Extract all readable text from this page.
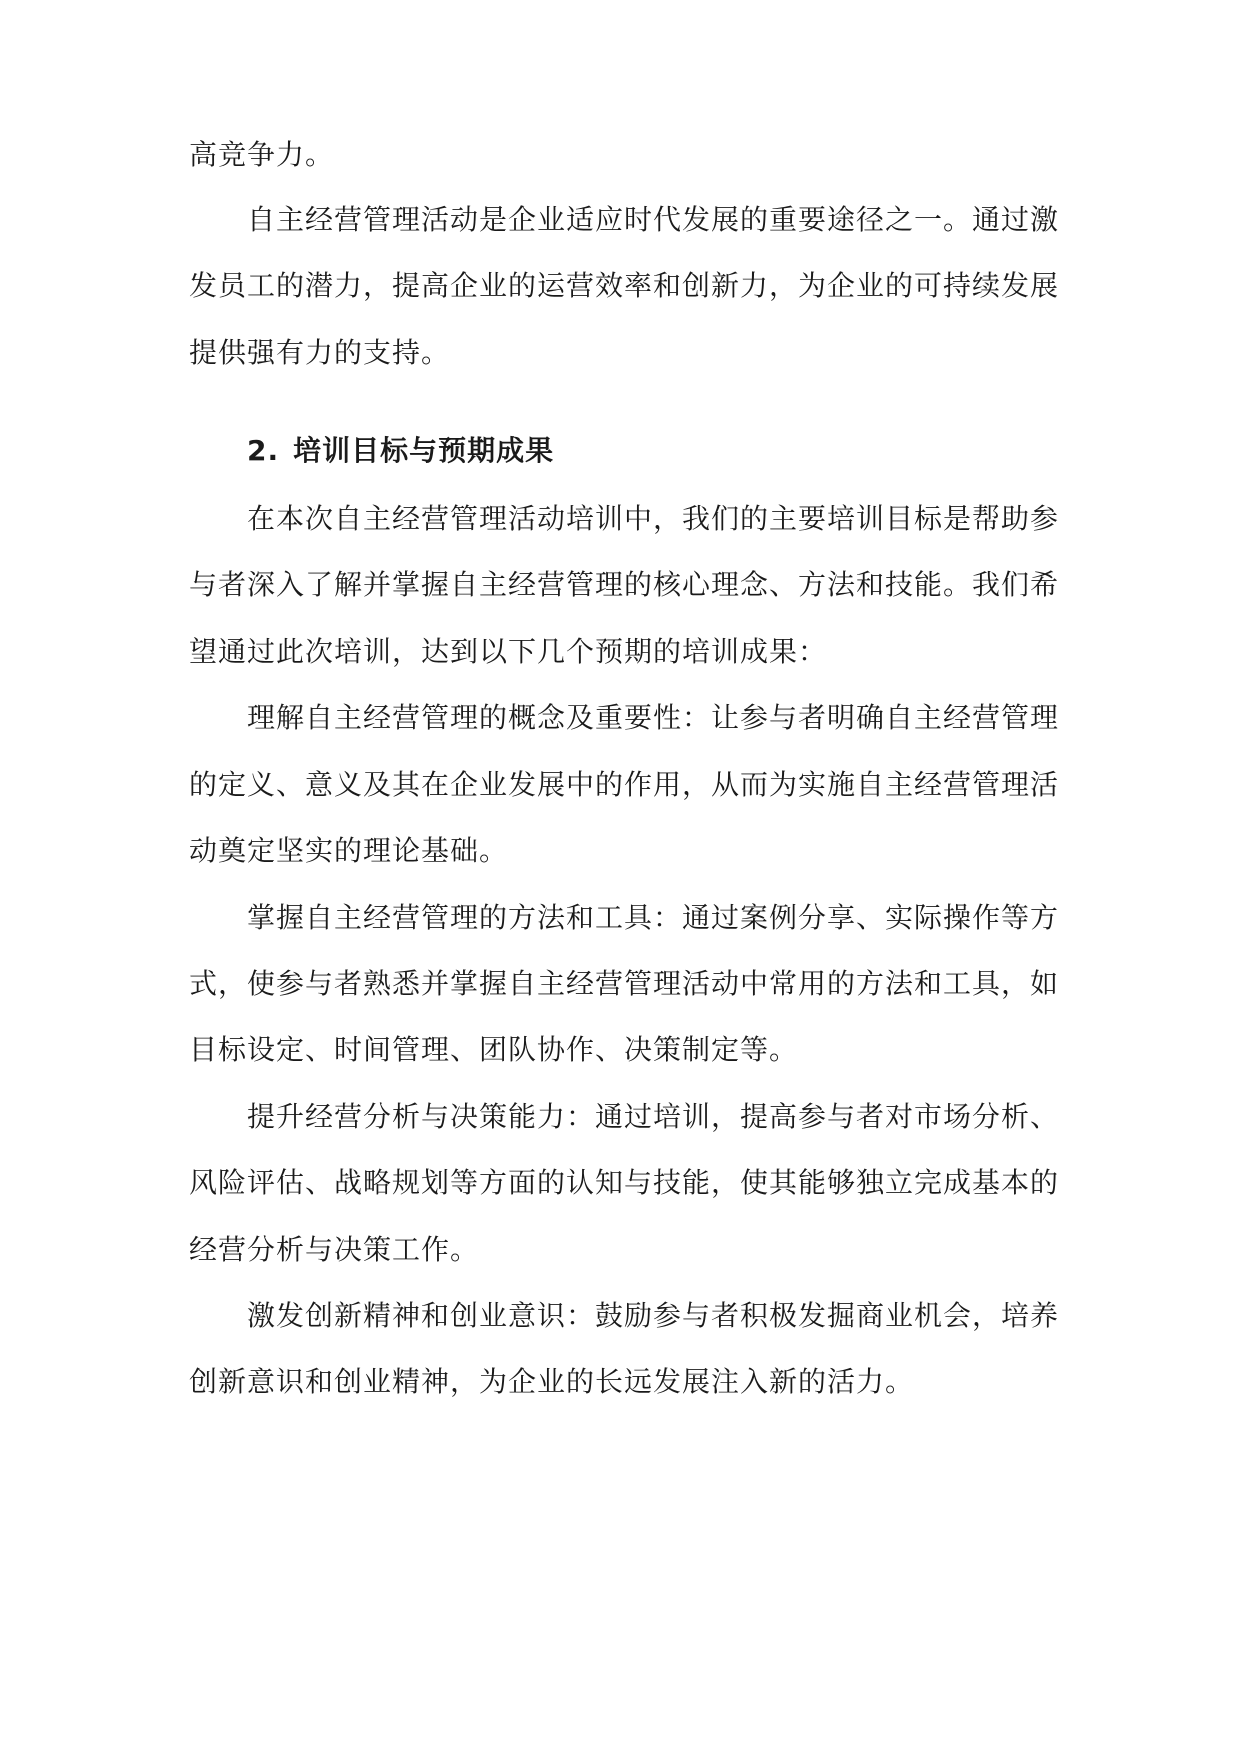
高竞争力。
自主经营管理活动是企业适应时代发展的重要途径之一。通过激
发员工的潜力，提高企业的运营效率和创新力，为企业的可持续发展
提供强有力的支持。
2. 培训目标与预期成果
在本次自主经营管理活动培训中，我们的主要培训目标是帮助参
与者深入了解并掌握自主经营管理的核心理念、方法和技能。我们希
望通过此次培训，达到以下几个预期的培训成果：
理解自主经营管理的概念及重要性：让参与者明确自主经营管理
的定义、意义及其在企业发展中的作用，从而为实施自主经营管理活
动奠定坚实的理论基础。
掌握自主经营管理的方法和工具：通过案例分享、实际操作等方
式，使参与者熟悉并掌握自主经营管理活动中常用的方法和工具，如
目标设定、时间管理、团队协作、决策制定等。
提升经营分析与决策能力：通过培训，提高参与者对市场分析、
风险评估、战略规划等方面的认知与技能，使其能够独立完成基本的
经营分析与决策工作。
激发创新精神和创业意识：鼓励参与者积极发掘商业机会，培养
创新意识和创业精神，为企业的长远发展注入新的活力。
